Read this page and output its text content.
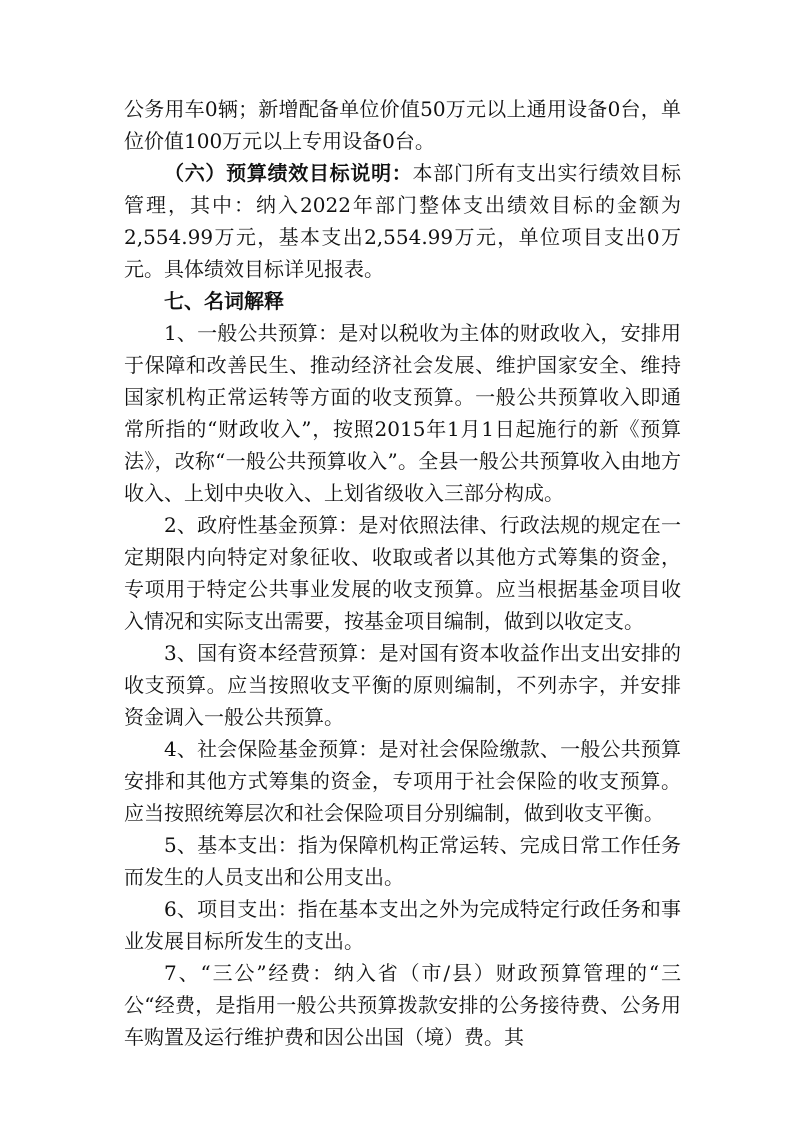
公务用车0辆；新增配备单位价值50万元以上通用设备0台，单位价值100万元以上专用设备0台。

（六）预算绩效目标说明：本部门所有支出实行绩效目标管理，其中：纳入2022年部门整体支出绩效目标的金额为2,554.99万元，基本支出2,554.99万元，单位项目支出0万元。具体绩效目标详见报表。

七、名词解释

1、一般公共预算：是对以税收为主体的财政收入，安排用于保障和改善民生、推动经济社会发展、维护国家安全、维持国家机构正常运转等方面的收支预算。一般公共预算收入即通常所指的“财政收入”，按照2015年1月1日起施行的新《预算法》，改称“一般公共预算收入”。全县一般公共预算收入由地方收入、上划中央收入、上划省级收入三部分构成。

2、政府性基金预算：是对依照法律、行政法规的规定在一定期限内向特定对象征收、收取或者以其他方式筹集的资金，专项用于特定公共事业发展的收支预算。应当根据基金项目收入情况和实际支出需要，按基金项目编制，做到以收定支。

3、国有资本经营预算：是对国有资本收益作出支出安排的收支预算。应当按照收支平衡的原则编制，不列赤字，并安排资金调入一般公共预算。

4、社会保险基金预算：是对社会保险缴款、一般公共预算安排和其他方式筹集的资金，专项用于社会保险的收支预算。应当按照统筹层次和社会保险项目分别编制，做到收支平衡。

5、基本支出：指为保障机构正常运转、完成日常工作任务而发生的人员支出和公用支出。

6、项目支出：指在基本支出之外为完成特定行政任务和事业发展目标所发生的支出。

7、“三公”经费：纳入省（市/县）财政预算管理的“三公“经费，是指用一般公共预算拨款安排的公务接待费、公务用车购置及运行维护费和因公出国（境）费。其
